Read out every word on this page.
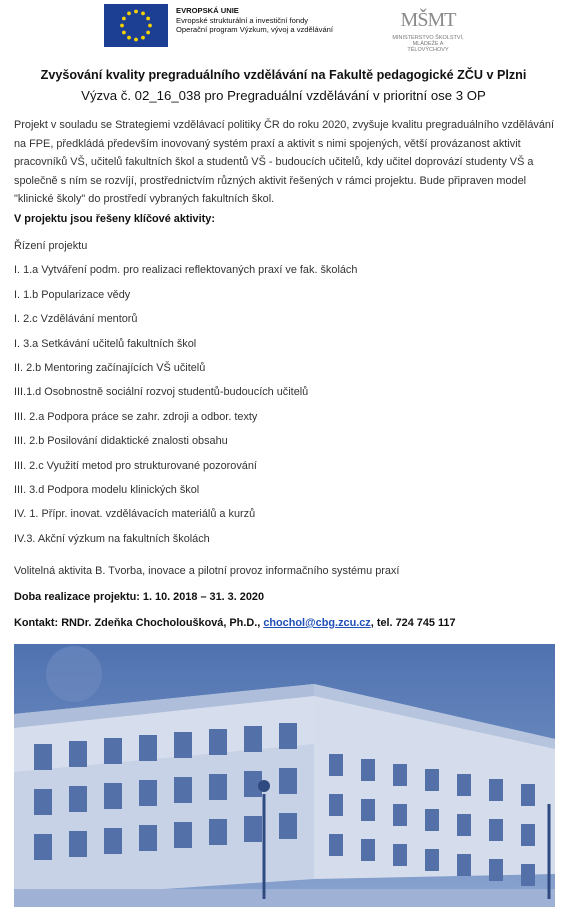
EVROPSKÁ UNIE
Evropské strukturální a investiční fondy
Operační program Výzkum, vývoj a vzdělávání	MŠMT
MINISTERSTVO ŠKOLSTVÍ,
MLÁDEŽE A TĚLOVÝCHOVY
Zvyšování kvality pregraduálního vzdělávání na Fakultě pedagogické ZČU v Plzni
Výzva č. 02_16_038 pro Pregraduální vzdělávání v prioritní ose 3 OP
Projekt v souladu se Strategiemi vzdělávací politiky ČR do roku 2020, zvyšuje kvalitu pregraduálního vzdělávání na FPE, předkládá především inovovaný systém praxí a aktivit s nimi spojených, větší provázanost aktivit pracovníků VŠ, učitelů fakultních škol a studentů VŠ - budoucích učitelů, kdy učitel doprovází studenty VŠ a společně s ním se rozvíjí, prostřednictvím různých aktivit řešených v rámci projektu. Bude připraven model "klinické školy" do prostředí vybraných fakultních škol.
V projektu jsou řešeny klíčové aktivity:
Řízení projektu
I. 1.a Vytváření podm. pro realizaci reflektovaných praxí ve fak. školách
I. 1.b Popularizace vědy
I. 2.c Vzdělávání mentorů
I. 3.a Setkávání učitelů fakultních škol
II. 2.b Mentoring začínajících VŠ učitelů
III.1.d Osobnostně sociální rozvoj studentů-budoucích učitelů
III. 2.a Podpora práce se zahr. zdroji a odbor. texty
III. 2.b Posilování didaktické znalosti obsahu
III. 2.c Využití metod pro strukturované pozorování
III. 3.d Podpora modelu klinických škol
IV. 1. Přípr. inovat. vzdělávacích materiálů a kurzů
IV.3. Akční výzkum na fakultních školách
Volitelná aktivita B. Tvorba, inovace a pilotní provoz informačního systému praxí
Doba realizace projektu: 1. 10. 2018 – 31. 3. 2020
Kontakt: RNDr. Zdeňka Chocholoušková, Ph.D., chochol@cbg.zcu.cz, tel. 724 745 117
